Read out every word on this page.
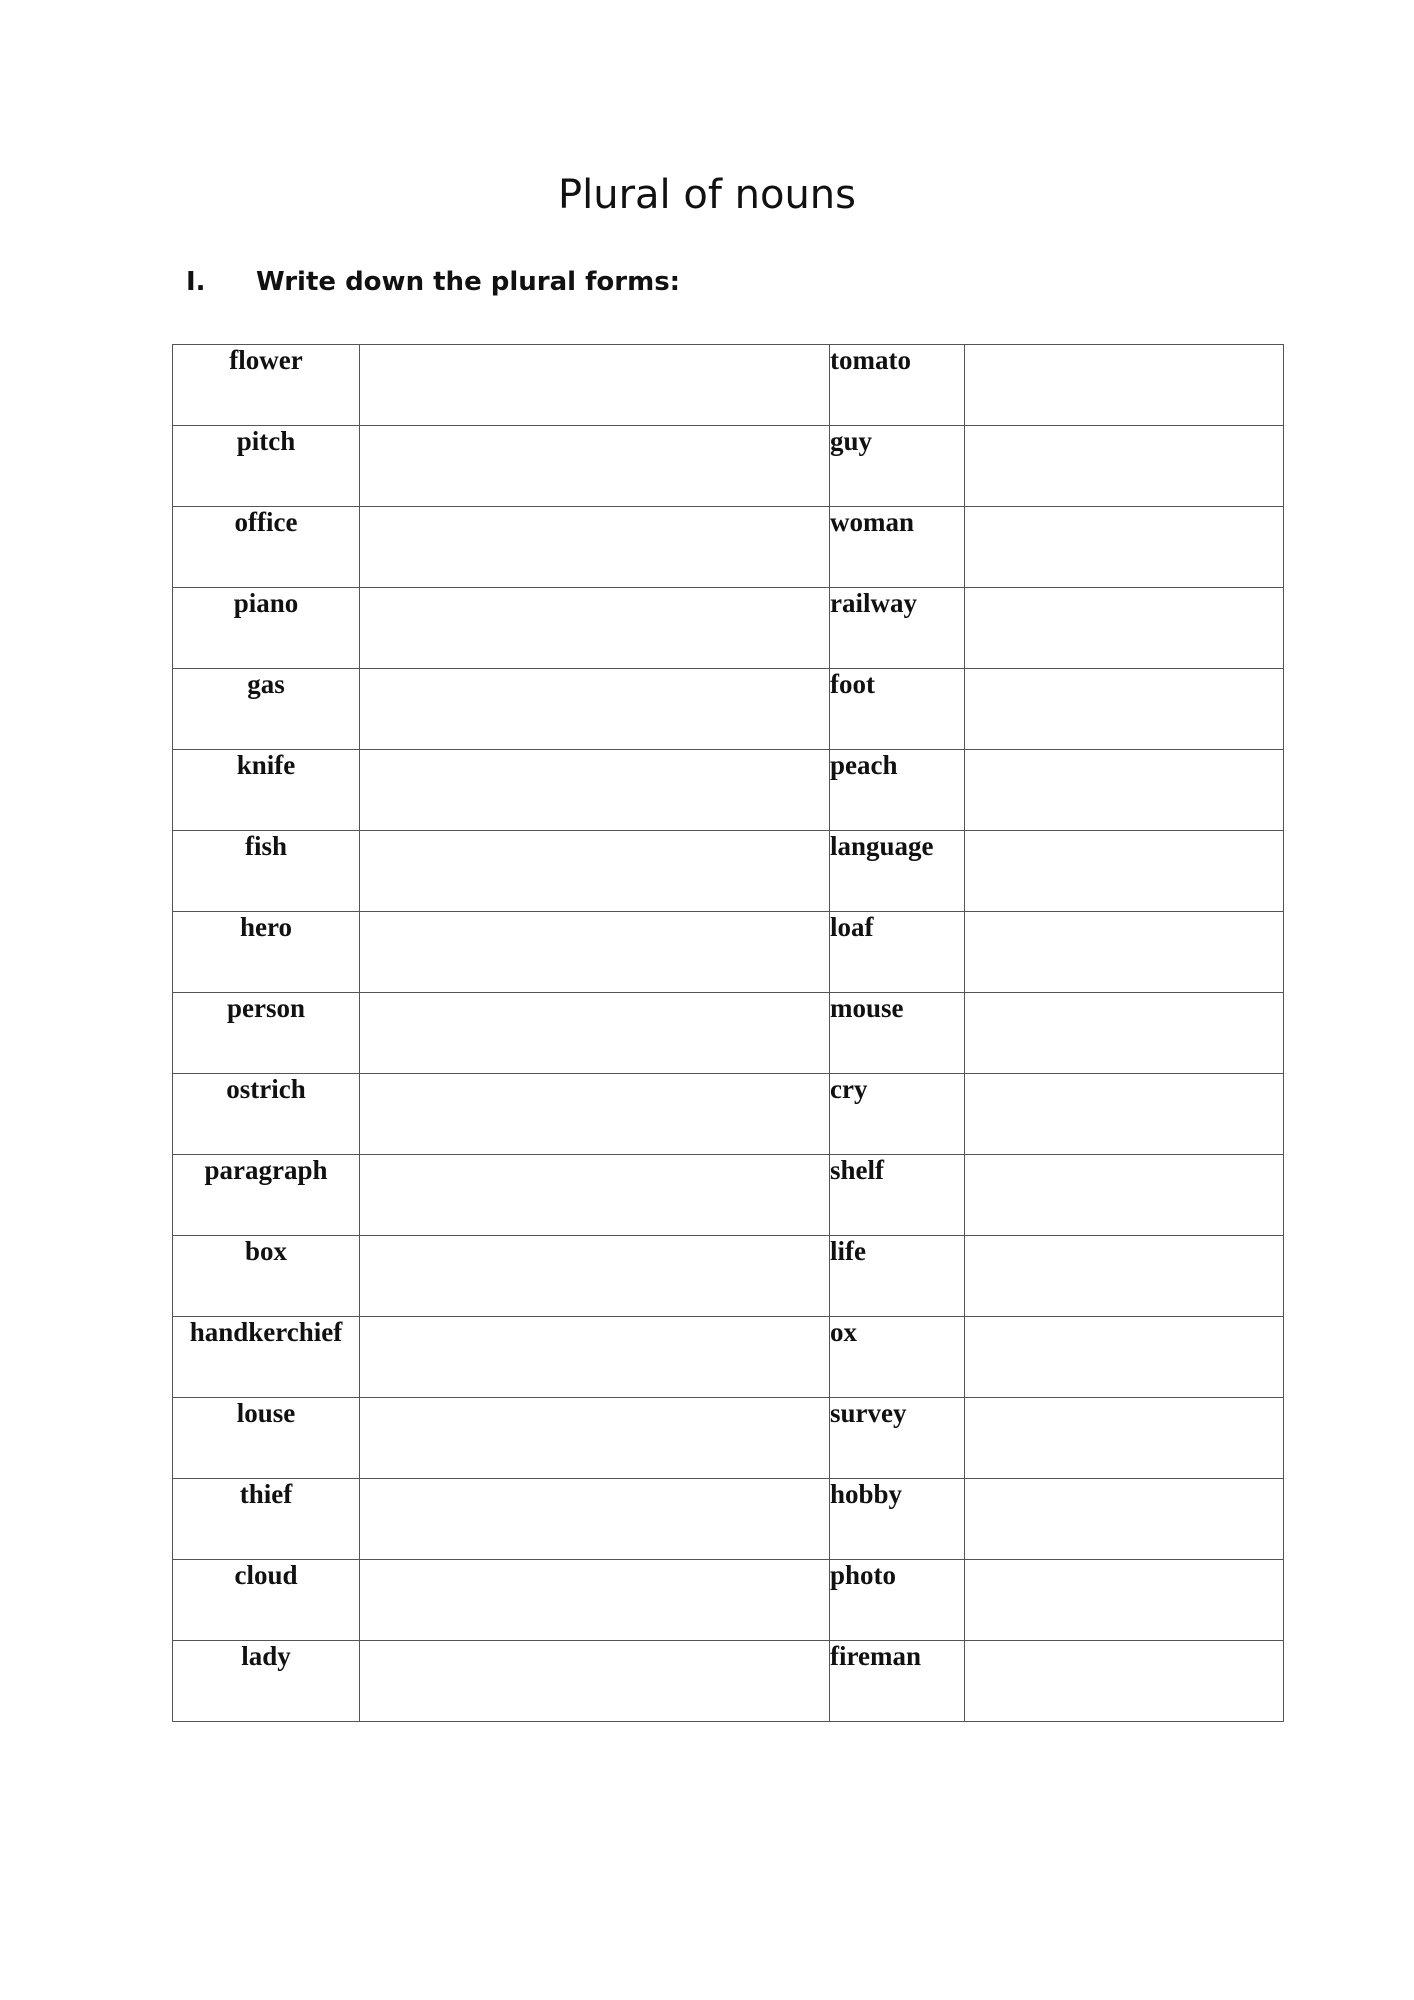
Plural of nouns
I.	Write down the plural forms:
flower		tomato	
pitch		guy	
office		woman	
piano		railway	
gas		foot	
knife		peach	
fish		language	
hero		loaf	
person		mouse	
ostrich		cry	
paragraph		shelf	
box		life	
handkerchief		ox	
louse		survey	
thief		hobby	
cloud		photo	
lady		fireman	
